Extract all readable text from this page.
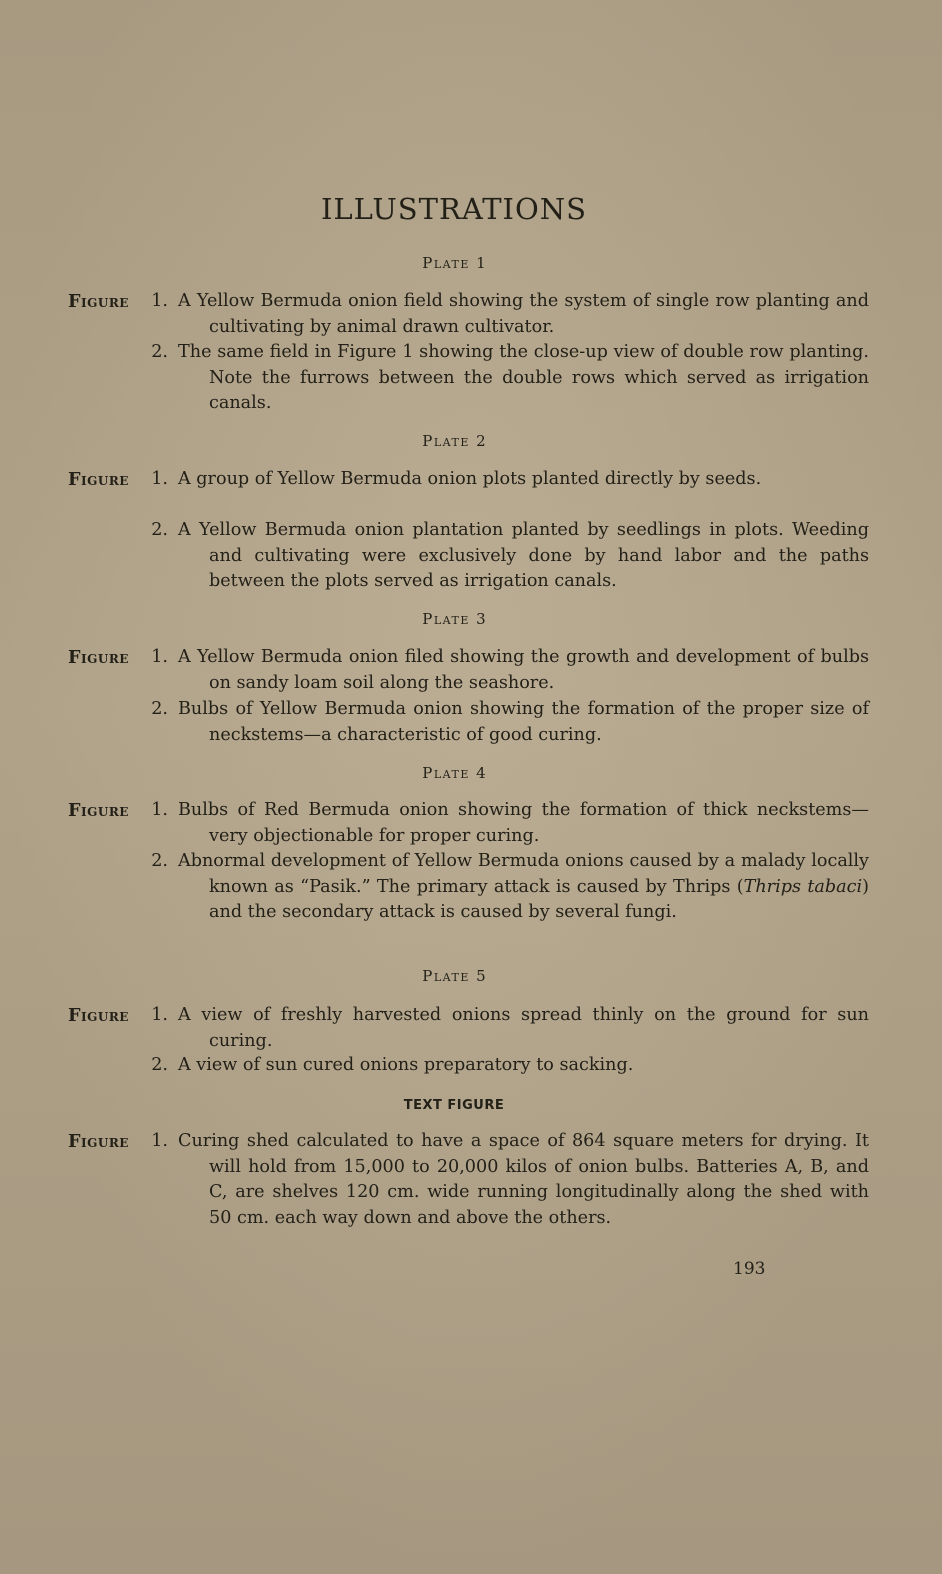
ILLUSTRATIONS
Plate 1
Figure 1. A Yellow Bermuda onion field showing the system of single row planting and cultivating by animal drawn cultivator.
2. The same field in Figure 1 showing the close-up view of double row planting. Note the furrows between the double rows which served as irrigation canals.
Plate 2
Figure 1. A group of Yellow Bermuda onion plots planted directly by seeds.
2. A Yellow Bermuda onion plantation planted by seedlings in plots. Weeding and cultivating were exclusively done by hand labor and the paths between the plots served as irrigation canals.
Plate 3
Figure 1. A Yellow Bermuda onion filed showing the growth and development of bulbs on sandy loam soil along the seashore.
2. Bulbs of Yellow Bermuda onion showing the formation of the proper size of neckstems—a characteristic of good curing.
Plate 4
Figure 1. Bulbs of Red Bermuda onion showing the formation of thick neckstems—very objectionable for proper curing.
2. Abnormal development of Yellow Bermuda onions caused by a malady locally known as “Pasik.” The primary attack is caused by Thrips (Thrips tabaci) and the secondary attack is caused by several fungi.
Plate 5
Figure 1. A view of freshly harvested onions spread thinly on the ground for sun curing.
2. A view of sun cured onions preparatory to sacking.
TEXT FIGURE
Figure 1. Curing shed calculated to have a space of 864 square meters for drying. It will hold from 15,000 to 20,000 kilos of onion bulbs. Batteries A, B, and C, are shelves 120 cm. wide running longitudinally along the shed with 50 cm. each way down and above the others.
193
